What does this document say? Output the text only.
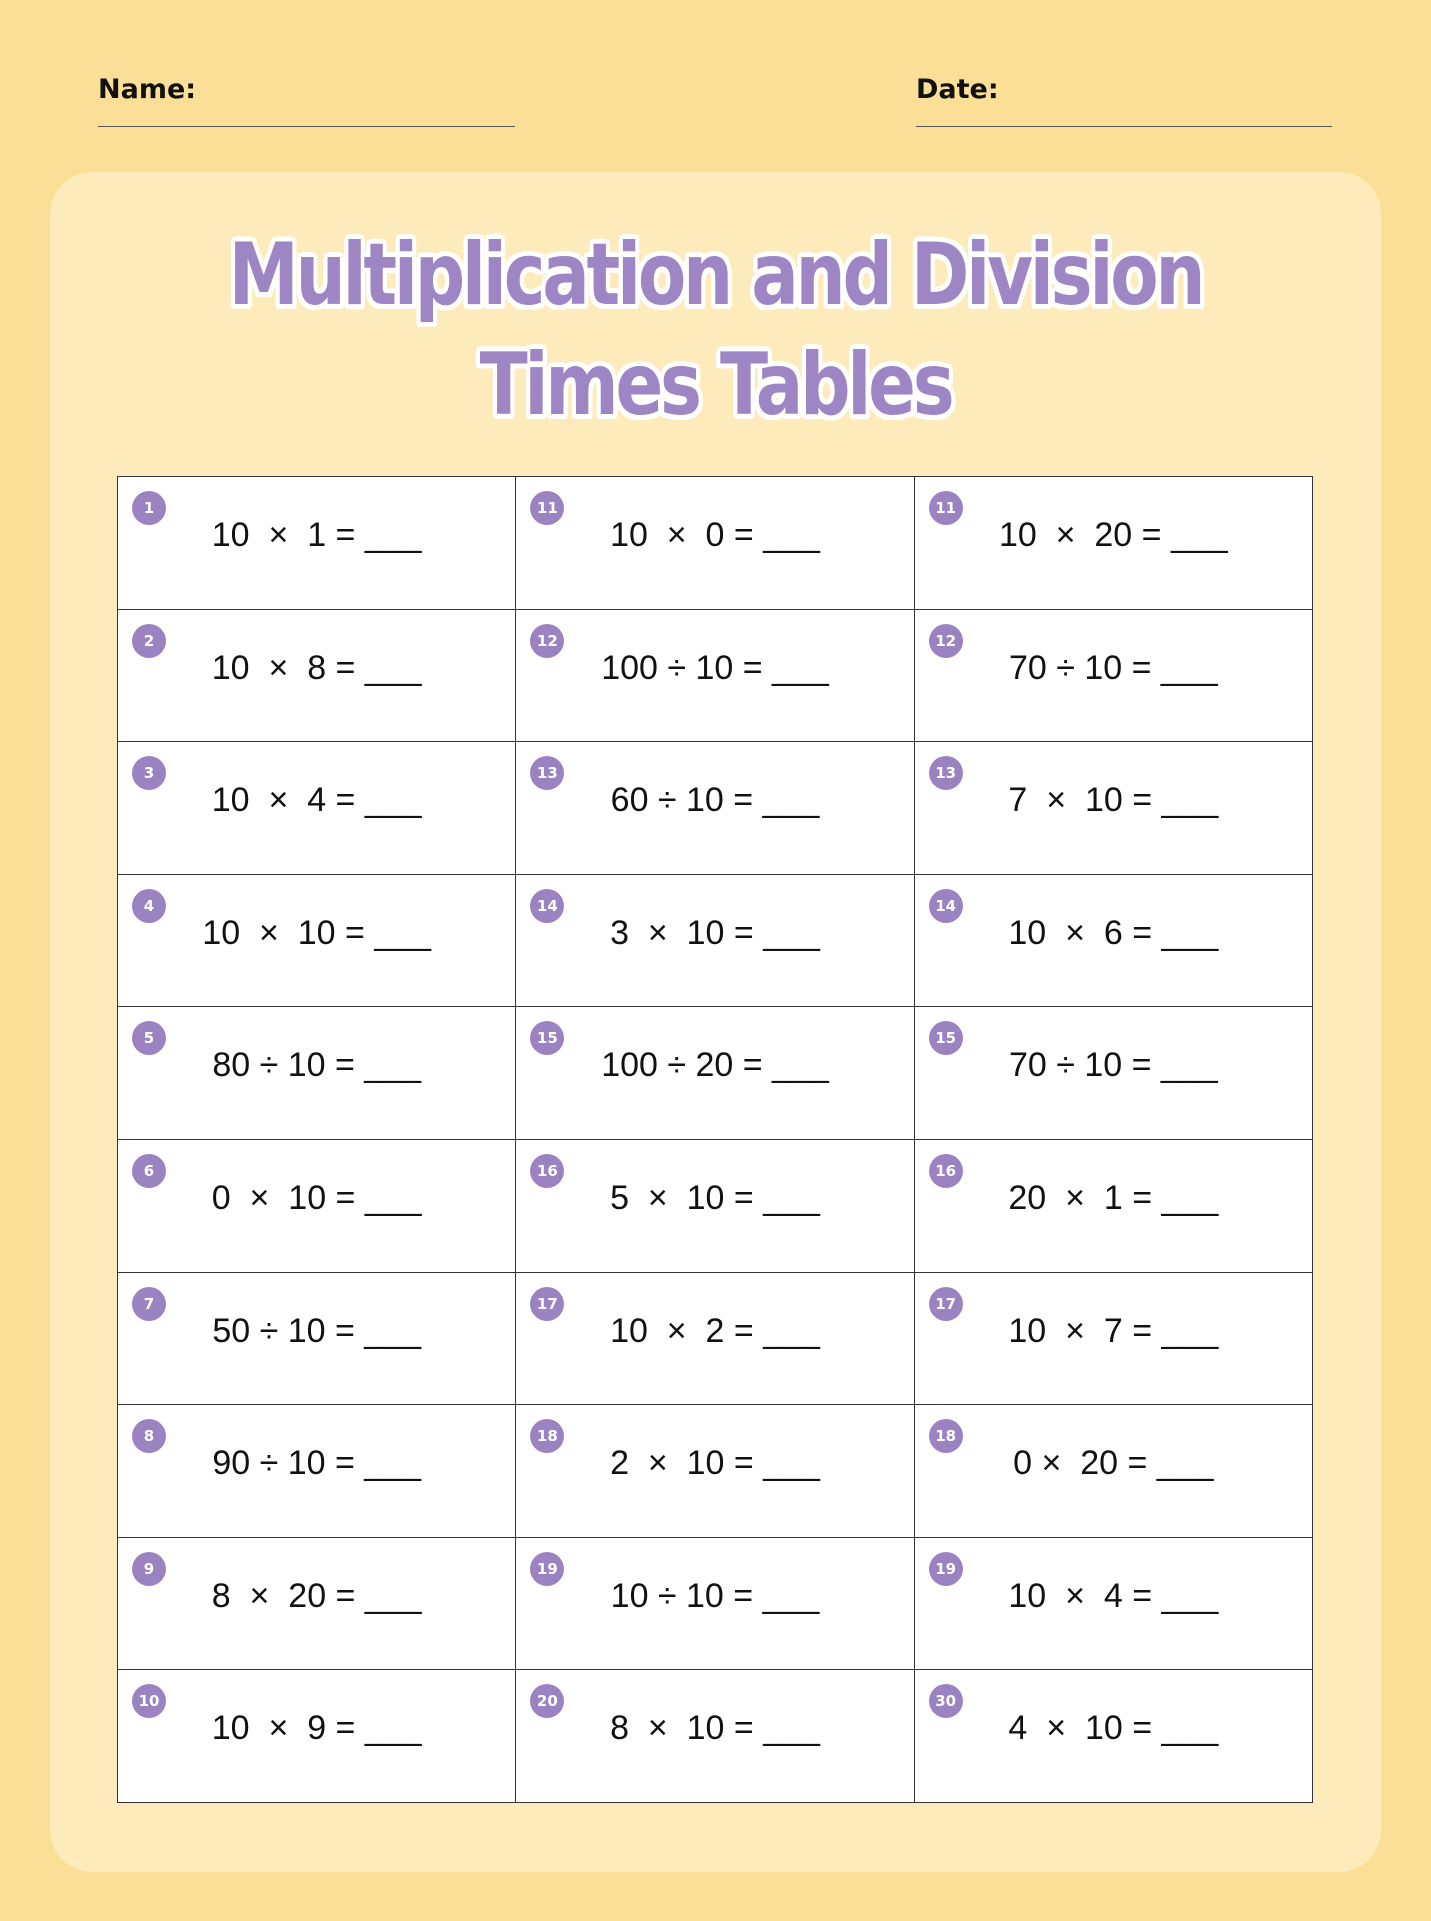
Name:	Date:
Multiplication and Division
Times Tables
1
10  ×  1 = ___
11
10  ×  0 = ___
11
10  ×  20 = ___
2
10  ×  8 = ___
12
100 ÷ 10 = ___
12
70 ÷ 10 = ___
3
10  ×  4 = ___
13
60 ÷ 10 = ___
13
7  ×  10 = ___
4
10  ×  10 = ___
14
3  ×  10 = ___
14
10  ×  6 = ___
5
80 ÷ 10 = ___
15
100 ÷ 20 = ___
15
70 ÷ 10 = ___
6
0  ×  10 = ___
16
5  ×  10 = ___
16
20  ×  1 = ___
7
50 ÷ 10 = ___
17
10  ×  2 = ___
17
10  ×  7 = ___
8
90 ÷ 10 = ___
18
2  ×  10 = ___
18
0 ×  20 = ___
9
8  ×  20 = ___
19
10 ÷ 10 = ___
19
10  ×  4 = ___
10
10  ×  9 = ___
20
8  ×  10 = ___
30
4  ×  10 = ___
